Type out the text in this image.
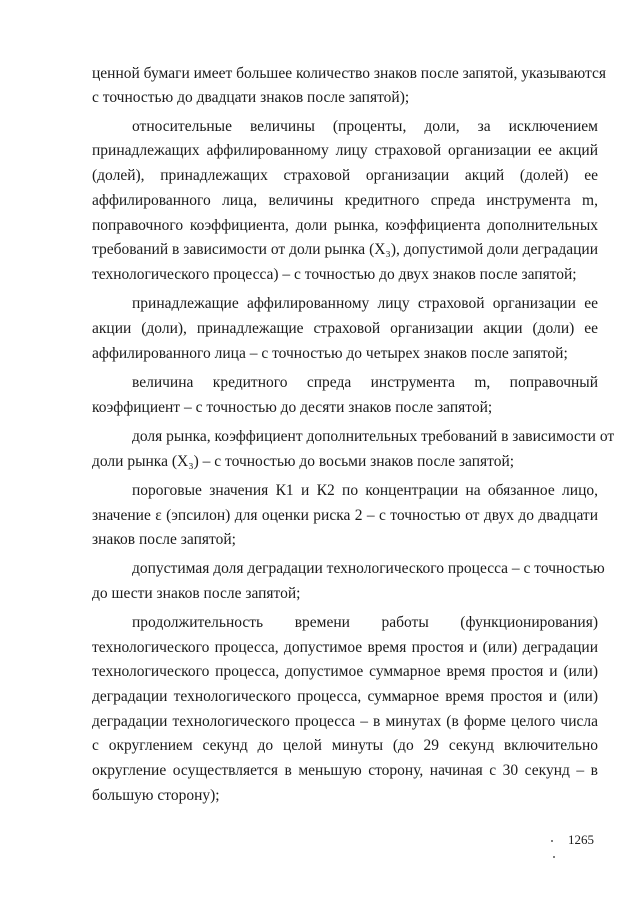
ценной бумаги имеет большее количество знаков после запятой, указываются
с точностью до двадцати знаков после запятой);
относительные величины (проценты, доли, за исключением
принадлежащих аффилированному лицу страховой организации ее акций
(долей), принадлежащих страховой организации акций (долей) ее
аффилированного лица, величины кредитного спреда инструмента m,
поправочного коэффициента, доли рынка, коэффициента дополнительных
требований в зависимости от доли рынка (X₃), допустимой доли деградации
технологического процесса) – с точностью до двух знаков после запятой;
принадлежащие аффилированному лицу страховой организации ее
акции (доли), принадлежащие страховой организации акции (доли) ее
аффилированного лица – с точностью до четырех знаков после запятой;
величина кредитного спреда инструмента m, поправочный
коэффициент – с точностью до десяти знаков после запятой;
доля рынка, коэффициент дополнительных требований в зависимости от
доли рынка (X₃) – с точностью до восьми знаков после запятой;
пороговые значения К1 и К2 по концентрации на обязанное лицо,
значение ε (эпсилон) для оценки риска 2 – с точностью от двух до двадцати
знаков после запятой;
допустимая доля деградации технологического процесса – с точностью
до шести знаков после запятой;
продолжительность времени работы (функционирования)
технологического процесса, допустимое время простоя и (или) деградации
технологического процесса, допустимое суммарное время простоя и (или)
деградации технологического процесса, суммарное время простоя и (или)
деградации технологического процесса – в минутах (в форме целого числа
с округлением секунд до целой минуты (до 29 секунд включительно
округление осуществляется в меньшую сторону, начиная с 30 секунд – в
большую сторону);
1265
